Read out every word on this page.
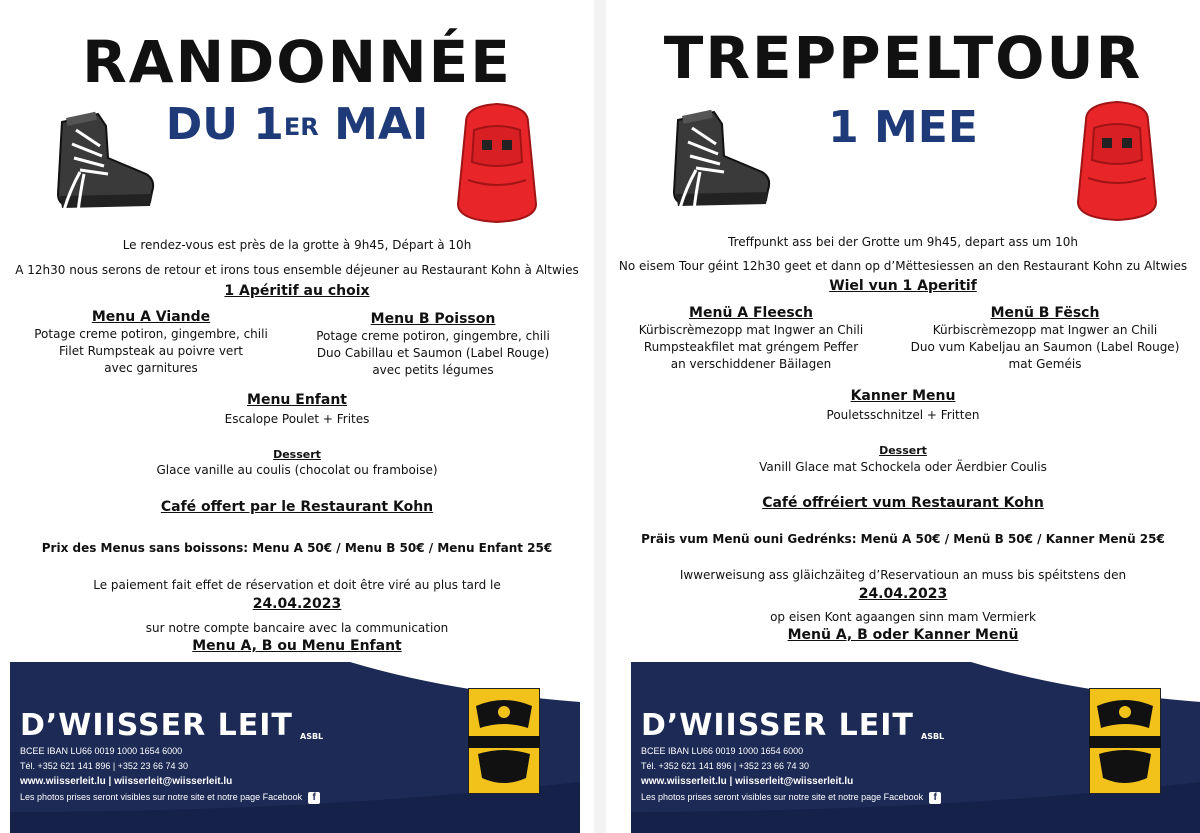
RANDONNÉE
DU 1ER MAI
Le rendez-vous est près de la grotte à 9h45, Départ à 10h
A 12h30 nous serons de retour et irons tous ensemble déjeuner au Restaurant Kohn à Altwies
1 Apéritif au choix
Menu A Viande
Potage creme potiron, gingembre, chili
Filet Rumpsteak au poivre vert
avec garnitures
Menu B Poisson
Potage creme potiron, gingembre, chili
Duo Cabillau et Saumon (Label Rouge)
avec petits légumes
Menu Enfant
Escalope Poulet + Frites
Dessert
Glace vanille au coulis (chocolat ou framboise)
Café offert par le Restaurant Kohn
Prix des Menus sans boissons: Menu A 50€ / Menu B 50€ / Menu Enfant 25€
Le paiement fait effet de réservation et doit être viré au plus tard le
24.04.2023
sur notre compte bancaire avec la communication
Menu A, B ou Menu Enfant
D’WIISSER LEIT ASBL
BCEE IBAN LU66 0019 1000 1654 6000
Tél. +352 621 141 896 | +352 23 66 74 30
www.wiisserleit.lu | wiisserleit@wiisserleit.lu
Les photos prises seront visibles sur notre site et notre page Facebook f
TREPPELTOUR
1 MEE
Treffpunkt ass bei der Grotte um 9h45, depart ass um 10h
No eisem Tour géint 12h30 geet et dann op d’Mëttesiessen an den Restaurant Kohn zu Altwies
Wiel vun 1 Aperitif
Menü A Fleesch
Kürbiscrèmezopp mat Ingwer an Chili
Rumpsteakfilet mat gréngem Peffer
an verschiddener Bäilagen
Menü B Fësch
Kürbiscrèmezopp mat Ingwer an Chili
Duo vum Kabeljau an Saumon (Label Rouge)
mat Geméis
Kanner Menu
Pouletsschnitzel + Fritten
Dessert
Vanill Glace mat Schockela oder Äerdbier Coulis
Café offréiert vum Restaurant Kohn
Präis vum Menü ouni Gedrénks: Menü A 50€ / Menü B 50€ / Kanner Menü 25€
Iwwerweisung ass gläichzäiteg d’Reservatioun an muss bis spéitstens den
24.04.2023
op eisen Kont agaangen sinn mam Vermierk
Menü A, B oder Kanner Menü
D’WIISSER LEIT ASBL
BCEE IBAN LU66 0019 1000 1654 6000
Tél. +352 621 141 896 | +352 23 66 74 30
www.wiisserleit.lu | wiisserleit@wiisserleit.lu
Les photos prises seront visibles sur notre site et notre page Facebook f
